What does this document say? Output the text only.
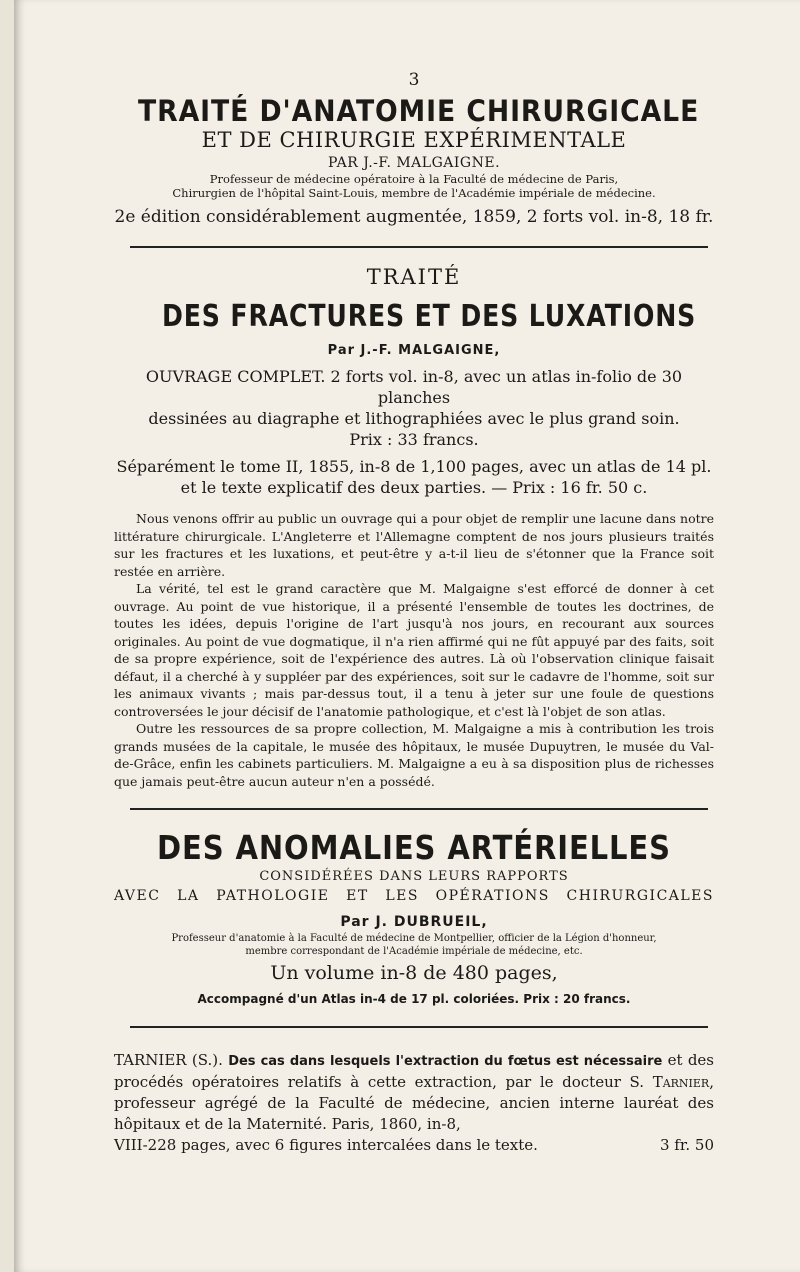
3
TRAITÉ D'ANATOMIE CHIRURGICALE
ET DE CHIRURGIE EXPÉRIMENTALE
PAR J.-F. MALGAIGNE.
Professeur de médecine opératoire à la Faculté de médecine de Paris,
Chirurgien de l'hôpital Saint-Louis, membre de l'Académie impériale de médecine.
2e édition considérablement augmentée, 1859, 2 forts vol. in-8, 18 fr.
TRAITÉ
DES FRACTURES ET DES LUXATIONS
Par J.-F. MALGAIGNE,
OUVRAGE COMPLET. 2 forts vol. in-8, avec un atlas in-folio de 30 planches
dessinées au diagraphe et lithographiées avec le plus grand soin.
Prix : 33 francs.
Séparément le tome II, 1855, in-8 de 1,100 pages, avec un atlas de 14 pl.
et le texte explicatif des deux parties. — Prix : 16 fr. 50 c.

Nous venons offrir au public un ouvrage qui a pour objet de remplir une lacune dans notre littérature chirurgicale. L'Angleterre et l'Allemagne comptent de nos jours plusieurs traités sur les fractures et les luxations, et peut-être y a-t-il lieu de s'étonner que la France soit restée en arrière.

La vérité, tel est le grand caractère que M. Malgaigne s'est efforcé de donner à cet ouvrage. Au point de vue historique, il a présenté l'ensemble de toutes les doctrines, de toutes les idées, depuis l'origine de l'art jusqu'à nos jours, en recourant aux sources originales. Au point de vue dogmatique, il n'a rien affirmé qui ne fût appuyé par des faits, soit de sa propre expérience, soit de l'expérience des autres. Là où l'observation clinique faisait défaut, il a cherché à y suppléer par des expériences, soit sur le cadavre de l'homme, soit sur les animaux vivants ; mais par-dessus tout, il a tenu à jeter sur une foule de questions controversées le jour décisif de l'anatomie pathologique, et c'est là l'objet de son atlas.

Outre les ressources de sa propre collection, M. Malgaigne a mis à contribution les trois grands musées de la capitale, le musée des hôpitaux, le musée Dupuytren, le musée du Val-de-Grâce, enfin les cabinets particuliers. M. Malgaigne a eu à sa disposition plus de richesses que jamais peut-être aucun auteur n'en a possédé.

DES ANOMALIES ARTÉRIELLES
CONSIDÉRÉES DANS LEURS RAPPORTS
AVEC LA PATHOLOGIE ET LES OPÉRATIONS CHIRURGICALES
Par J. DUBRUEIL,
Professeur d'anatomie à la Faculté de médecine de Montpellier, officier de la Légion d'honneur,
membre correspondant de l'Académie impériale de médecine, etc.
Un volume in-8 de 480 pages,
Accompagné d'un Atlas in-4 de 17 pl. coloriées. Prix : 20 francs.
TARNIER (S.). Des cas dans lesquels l'extraction du fœtus est nécessaire et des procédés opératoires relatifs à cette extraction, par le docteur S. Tarnier, professeur agrégé de la Faculté de médecine, ancien interne lauréat des hôpitaux et de la Maternité. Paris, 1860, in-8,
VIII-228 pages, avec 6 figures intercalées dans le texte.	3 fr. 50
